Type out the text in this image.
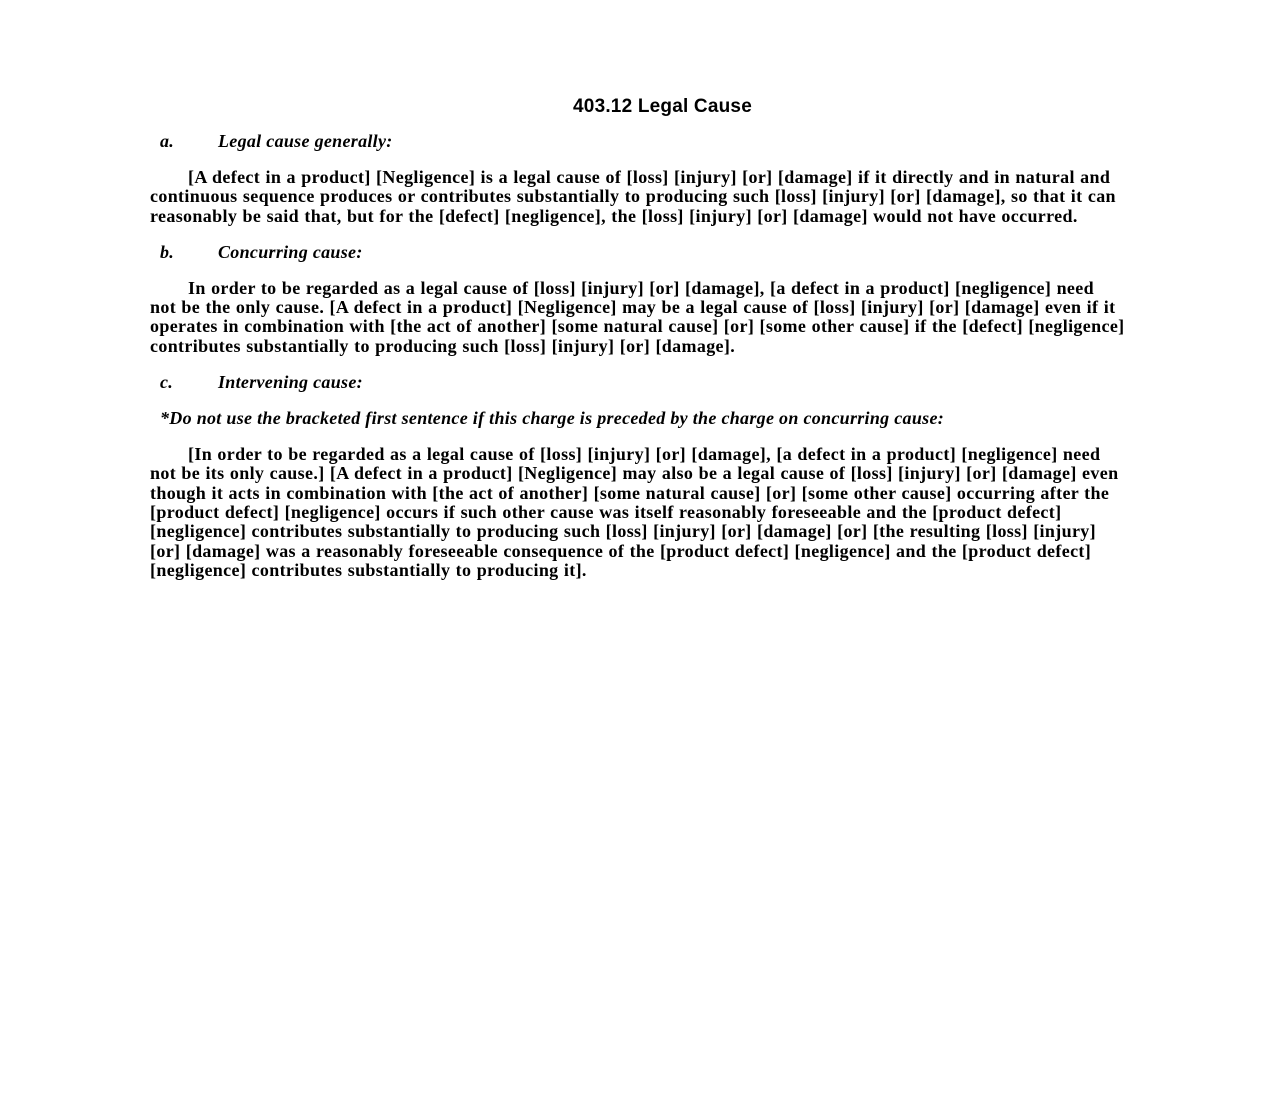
403.12 Legal Cause
a.	Legal cause generally:
[A defect in a product] [Negligence] is a legal cause of [loss] [injury] [or] [damage] if it directly and in natural and continuous sequence produces or contributes substantially to producing such [loss] [injury] [or] [damage], so that it can reasonably be said that, but for the [defect] [negligence], the [loss] [injury] [or] [damage] would not have occurred.
b.	Concurring cause:
In order to be regarded as a legal cause of [loss] [injury] [or] [damage], [a defect in a product] [negligence] need not be the only cause. [A defect in a product] [Negligence] may be a legal cause of [loss] [injury] [or] [damage] even if it operates in combination with [the act of another] [some natural cause] [or] [some other cause] if the [defect] [negligence] contributes substantially to producing such [loss] [injury] [or] [damage].
c.	Intervening cause:
*Do not use the bracketed first sentence if this charge is preceded by the charge on concurring cause:
[In order to be regarded as a legal cause of [loss] [injury] [or] [damage], [a defect in a product] [negligence] need not be its only cause.] [A defect in a product] [Negligence] may also be a legal cause of [loss] [injury] [or] [damage] even though it acts in combination with [the act of another] [some natural cause] [or] [some other cause] occurring after the [product defect] [negligence] occurs if such other cause was itself reasonably foreseeable and the [product defect] [negligence] contributes substantially to producing such [loss] [injury] [or] [damage] [or] [the resulting [loss] [injury] [or] [damage] was a reasonably foreseeable consequence of the [product defect] [negligence] and the [product defect] [negligence] contributes substantially to producing it].
